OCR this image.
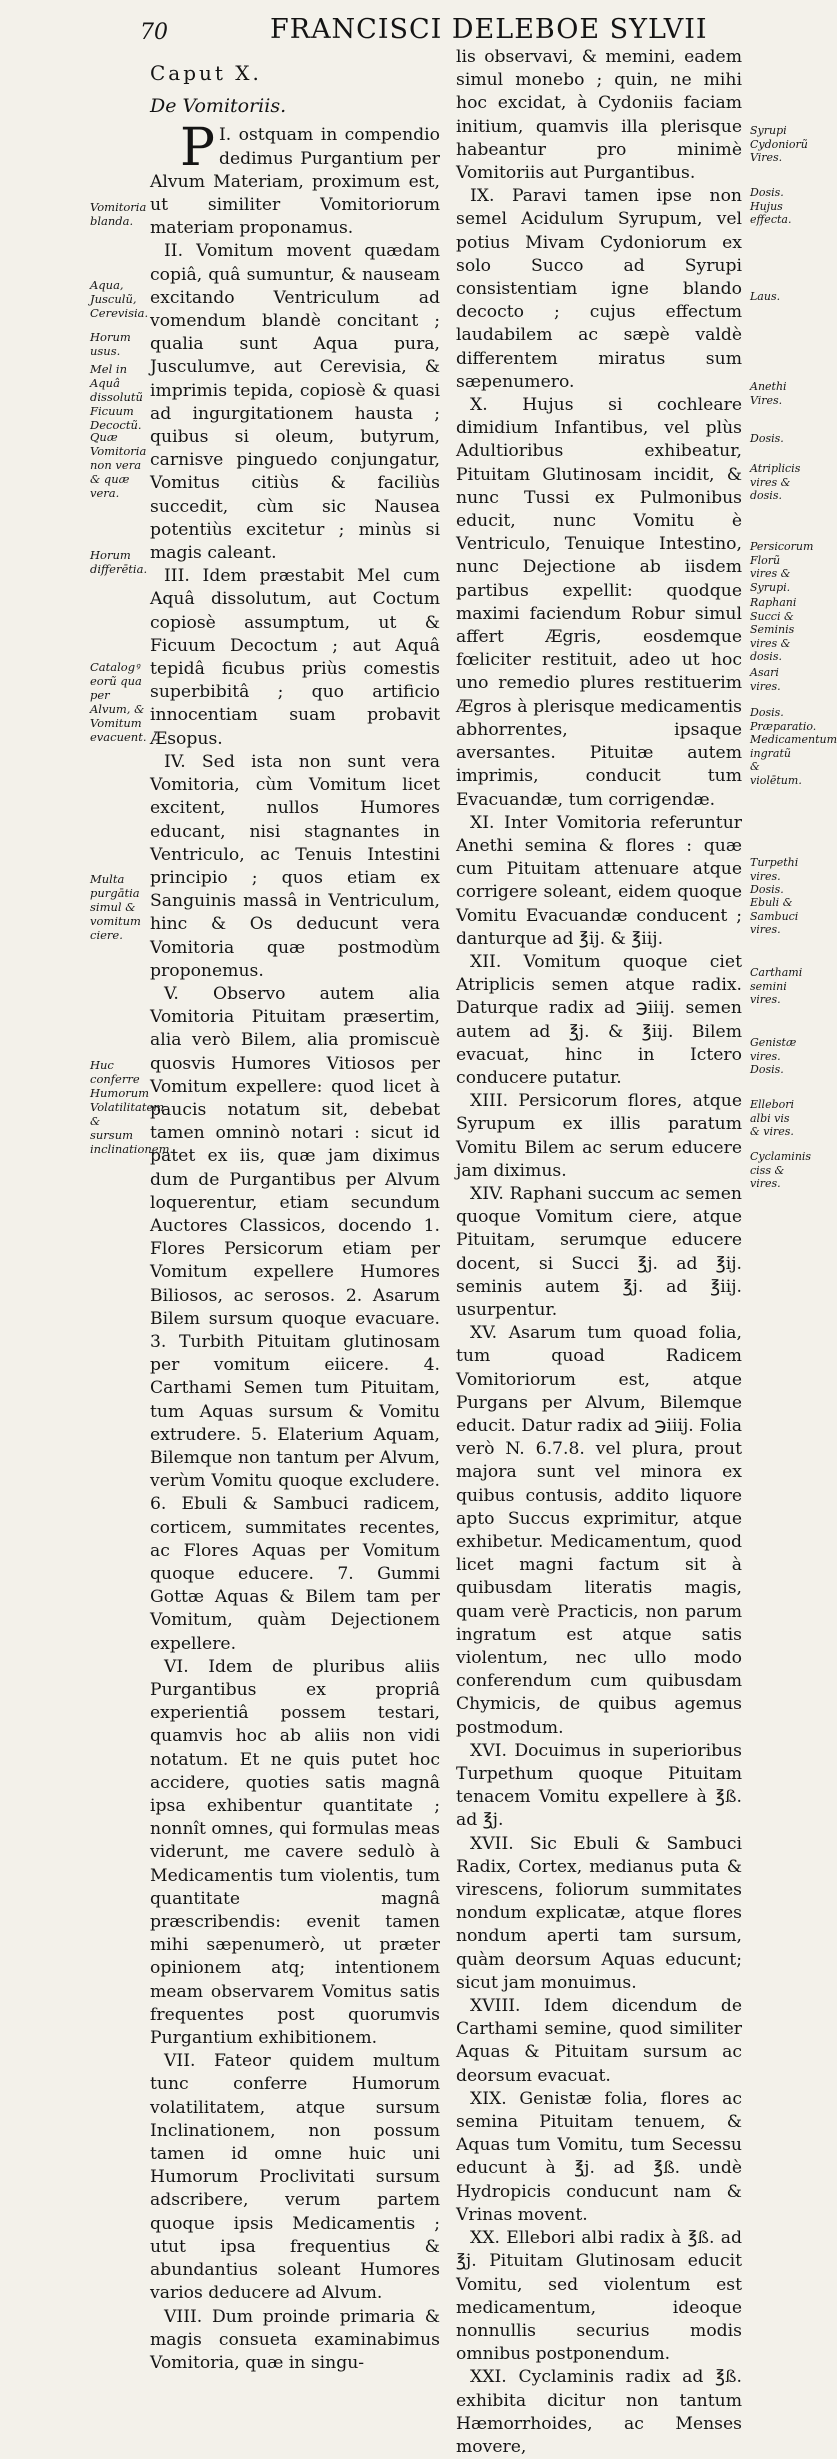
70	FRANCISCI DELEBOE SYLVII
Vomitoria blanda.
Aqua, Jusculũ, Cerevisia.
Horum usus.
Mel in Aquâ dissolutũ Ficuum Decoctũ.
Quæ Vomitoria non vera & quæ vera.
Horum differētia.
Catalogꝰ eorũ qua per Alvum, & Vomitum evacuent.
Multa purgātia simul & vomitum ciere.
Huc conferre Humorum Volatilitatem & sursum inclinationem.

Caput X.

De Vomitoriis.

P I. ostquam in compendio dedimus Purgantium per Alvum Materiam, proximum est, ut similiter Vomitoriorum materiam proponamus.

II. Vomitum movent quædam copiâ, quâ sumuntur, & nauseam excitando Ventriculum ad vomendum blandè concitant ; qualia sunt Aqua pura, Jusculumve, aut Cerevisia, & imprimis tepida, copiosè & quasi ad ingurgitationem hausta ; quibus si oleum, butyrum, carnisve pinguedo conjungatur, Vomitus citiùs & faciliùs succedit, cùm sic Nausea potentiùs excitetur ; minùs si magis caleant.

III. Idem præstabit Mel cum Aquâ dissolutum, aut Coctum copiosè assumptum, ut & Ficuum Decoctum ; aut Aquâ tepidâ ficubus priùs comestis superbibitâ ; quo artificio innocentiam suam probavit Æsopus.

IV. Sed ista non sunt vera Vomitoria, cùm Vomitum licet excitent, nullos Humores educant, nisi stagnantes in Ventriculo, ac Tenuis Intestini principio ; quos etiam ex Sanguinis massâ in Ventriculum, hinc & Os deducunt vera Vomitoria quæ postmodùm proponemus.

V. Observo autem alia Vomitoria Pituitam præsertim, alia verò Bilem, alia promiscuè quosvis Humores Vitiosos per Vomitum expellere: quod licet à paucis notatum sit, debebat tamen omninò notari : sicut id patet ex iis, quæ jam diximus dum de Purgantibus per Alvum loquerentur, etiam secundum Auctores Classicos, docendo 1. Flores Persicorum etiam per Vomitum expellere Humores Biliosos, ac serosos. 2. Asarum Bilem sursum quoque evacuare. 3. Turbith Pituitam glutinosam per vomitum eiicere. 4. Carthami Semen tum Pituitam, tum Aquas sursum & Vomitu extrudere. 5. Elaterium Aquam, Bilemque non tantum per Alvum, verùm Vomitu quoque excludere. 6. Ebuli & Sambuci radicem, corticem, summitates recentes, ac Flores Aquas per Vomitum quoque educere. 7. Gummi Gottæ Aquas & Bilem tam per Vomitum, quàm Dejectionem expellere.

VI. Idem de pluribus aliis Purgantibus ex propriâ experientiâ possem testari, quamvis hoc ab aliis non vidi notatum. Et ne quis putet hoc accidere, quoties satis magnâ ipsa exhibentur quantitate ; nonnît omnes, qui formulas meas viderunt, me cavere sedulò à Medicamentis tum violentis, tum quantitate magnâ præscribendis: evenit tamen mihi sæpenumerò, ut præter opinionem atq; intentionem meam observarem Vomitus satis frequentes post quorumvis Purgantium exhibitionem.

VII. Fateor quidem multum tunc conferre Humorum volatilitatem, atque sursum Inclinationem, non possum tamen id omne huic uni Humorum Proclivitati sursum adscribere, verum partem quoque ipsis Medicamentis ; utut ipsa frequentius & abundantius soleant Humores varios deducere ad Alvum.

VIII. Dum proinde primaria & magis consueta examinabimus Vomitoria, quæ in singu-

lis observavi, & memini, eadem simul monebo ; quin, ne mihi hoc excidat, à Cydoniis faciam initium, quamvis illa plerisque habeantur pro minimè Vomitoriis aut Purgantibus.

IX. Paravi tamen ipse non semel Acidulum Syrupum, vel potius Mivam Cydoniorum ex solo Succo ad Syrupi consistentiam igne blando decocto ; cujus effectum laudabilem ac sæpè valdè differentem miratus sum sæpenumero.

X. Hujus si cochleare dimidium Infantibus, vel plùs Adultioribus exhibeatur, Pituitam Glutinosam incidit, & nunc Tussi ex Pulmonibus educit, nunc Vomitu è Ventriculo, Tenuique Intestino, nunc Dejectione ab iisdem partibus expellit: quodque maximi faciendum Robur simul affert Ægris, eosdemque fœliciter restituit, adeo ut hoc uno remedio plures restituerim Ægros à plerisque medicamentis abhorrentes, ipsaque aversantes. Pituitæ autem imprimis, conducit tum Evacuandæ, tum corrigendæ.

XI. Inter Vomitoria referuntur Anethi semina & flores : quæ cum Pituitam attenuare atque corrigere soleant, eidem quoque Vomitu Evacuandæ conducent ; danturque ad ℥ij. & ℥iij.

XII. Vomitum quoque ciet Atriplicis semen atque radix. Daturque radix ad ℈iiij. semen autem ad ℥j. & ℥iij. Bilem evacuat, hinc in Ictero conducere putatur.

XIII. Persicorum flores, atque Syrupum ex illis paratum Vomitu Bilem ac serum educere jam diximus.

XIV. Raphani succum ac semen quoque Vomitum ciere, atque Pituitam, serumque educere docent, si Succi ℥j. ad ℥ij. seminis autem ℥j. ad ℥iij. usurpentur.

XV. Asarum tum quoad folia, tum quoad Radicem Vomitoriorum est, atque Purgans per Alvum, Bilemque educit. Datur radix ad ℈iiij. Folia verò N. 6.7.8. vel plura, prout majora sunt vel minora ex quibus contusis, addito liquore apto Succus exprimitur, atque exhibetur. Medicamentum, quod licet magni factum sit à quibusdam literatis magis, quam verè Practicis, non parum ingratum est atque satis violentum, nec ullo modo conferendum cum quibusdam Chymicis, de quibus agemus postmodum.

XVI. Docuimus in superioribus Turpethum quoque Pituitam tenacem Vomitu expellere à ℥ß. ad ℥j.

XVII. Sic Ebuli & Sambuci Radix, Cortex, medianus puta & virescens, foliorum summitates nondum explicatæ, atque flores nondum aperti tam sursum, quàm deorsum Aquas educunt; sicut jam monuimus.

XVIII. Idem dicendum de Carthami semine, quod similiter Aquas & Pituitam sursum ac deorsum evacuat.

XIX. Genistæ folia, flores ac semina Pituitam tenuem, & Aquas tum Vomitu, tum Secessu educunt à ℥j. ad ℥ß. undè Hydropicis conducunt nam & Vrinas movent.

XX. Ellebori albi radix à ℥ß. ad ℥j. Pituitam Glutinosam educit Vomitu, sed violentum est medicamentum, ideoque nonnullis securius modis omnibus postponendum.

XXI. Cyclaminis radix ad ℥ß. exhibita dicitur non tantum Hæmorrhoides, ac Menses movere,

Syrupi Cydoniorũ Vires.
Dosis. Hujus effecta.
Laus.
Anethi Vires.
Dosis.
Atriplicis vires & dosis.
Persicorum Florũ vires & Syrupi.
Raphani Succi & Seminis vires & dosis.
Asari vires.
Dosis. Præparatio. Medicamentum ingratũ & violētum.
Turpethi vires. Dosis.
Ebuli & Sambuci vires.
Carthami semini vires.
Genistæ vires. Dosis.
Ellebori albi vis & vires.
Cyclaminis ciss & vires.
